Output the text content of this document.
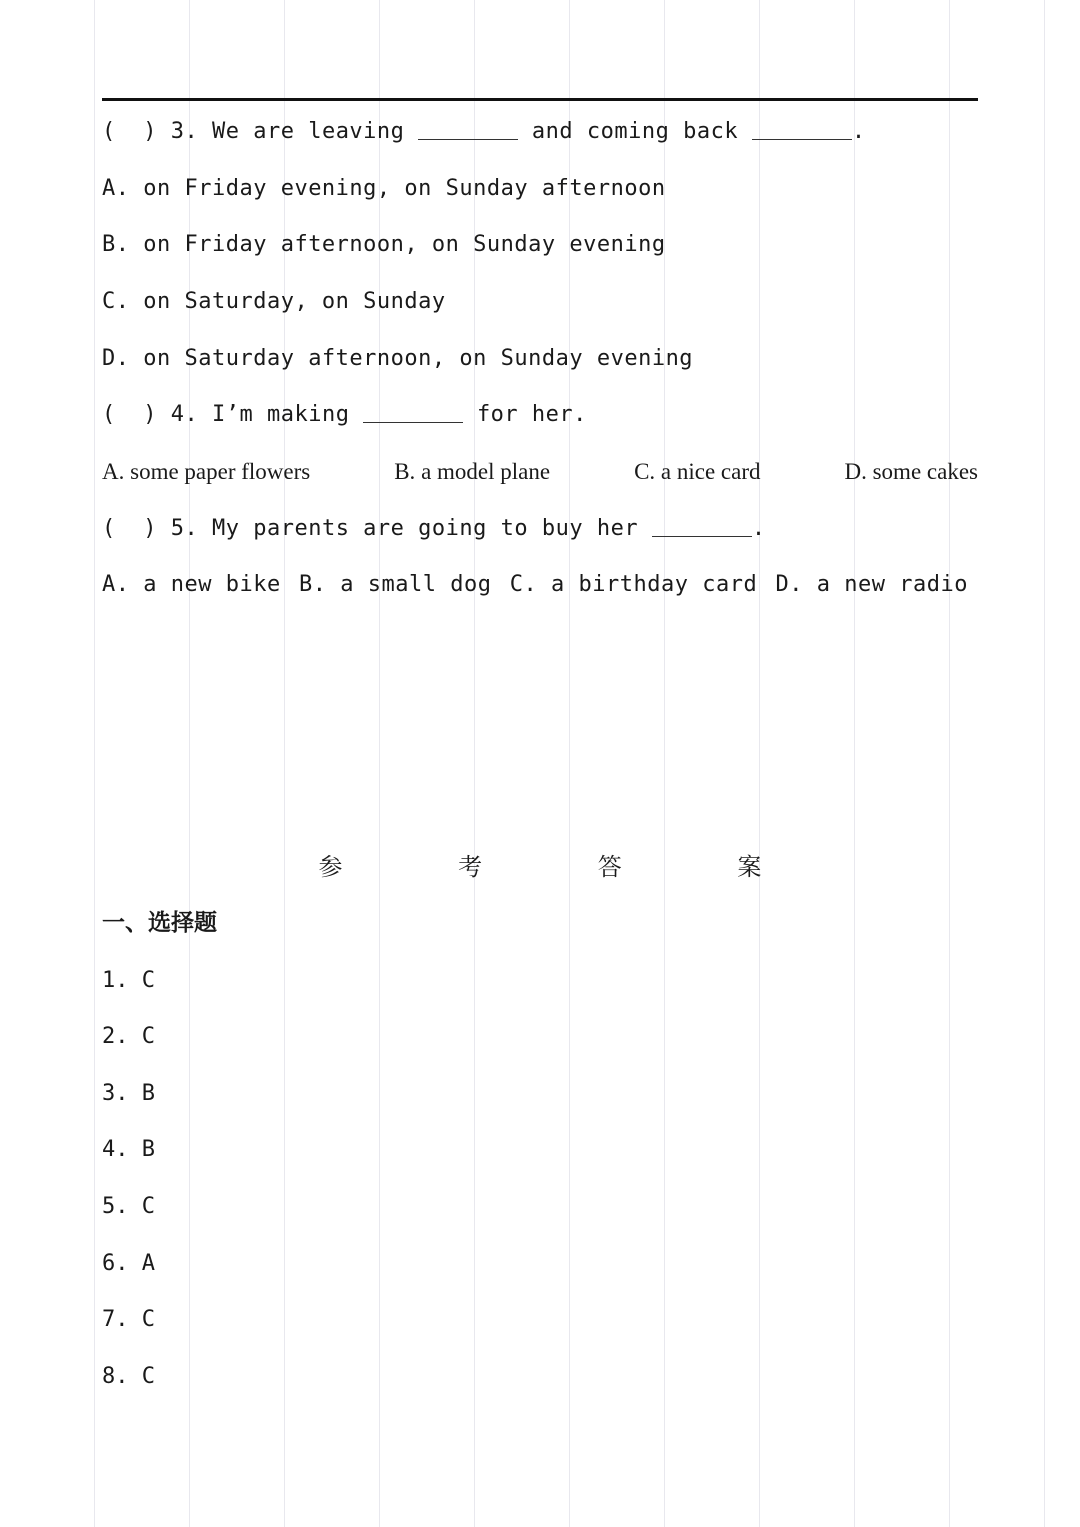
(  ) 3. We are leaving	and coming back	.
A. on Friday evening, on Sunday afternoon
B. on Friday afternoon, on Sunday evening
C. on Saturday, on Sunday
D. on Saturday afternoon, on Sunday evening
(  ) 4. I’m making	for her.
A. some paper flowers	B. a model plane	C. a nice card	D. some cakes
(  ) 5. My parents are going to buy her	.
A. a new bike B. a small dog C. a birthday card D. a new radio
参 考 答 案
一、选择题
1. C
2. C
3. B
4. B
5. C
6. A
7. C
8. C
